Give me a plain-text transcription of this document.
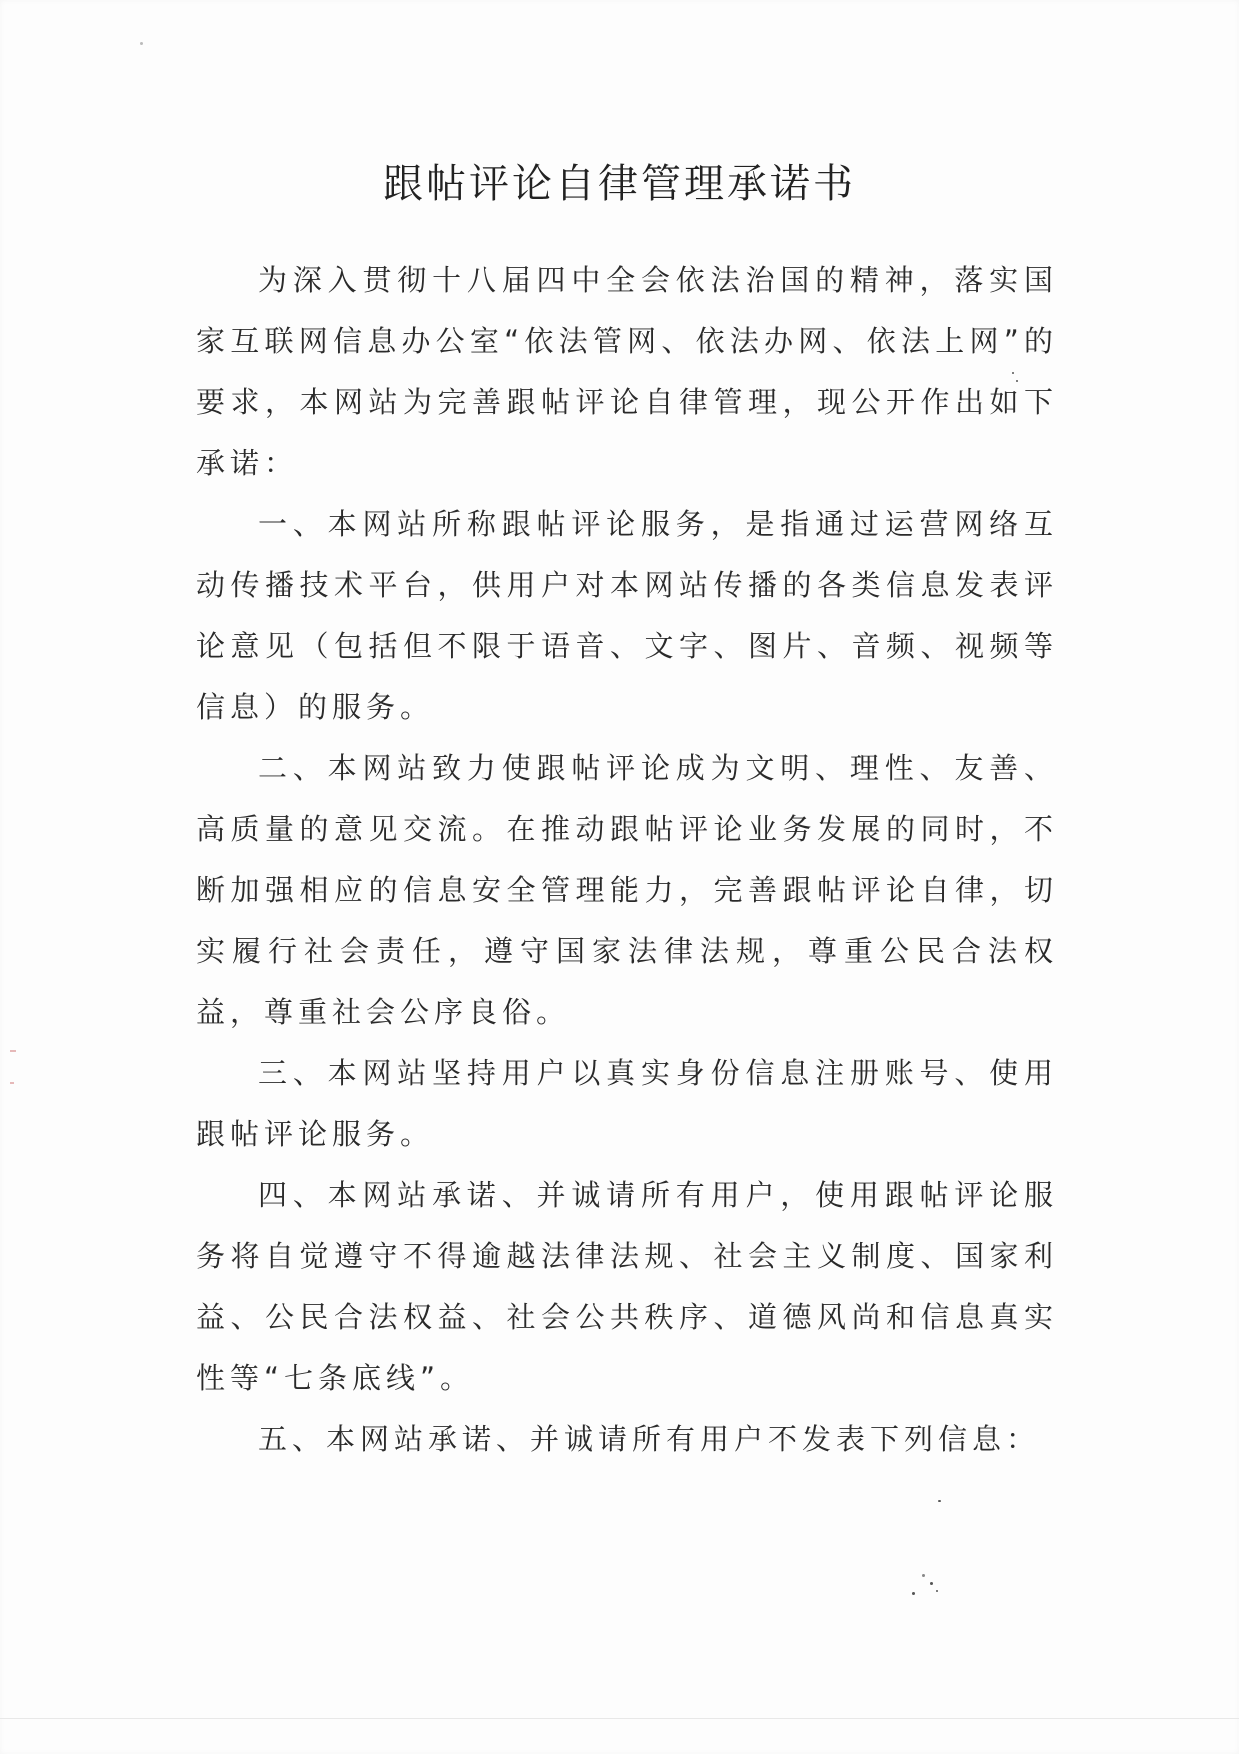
跟帖评论自律管理承诺书

为深入贯彻十八届四中全会依法治国的精神，落实国家互联网信息办公室“依法管网、依法办网、依法上网”的要求，本网站为完善跟帖评论自律管理，现公开作出如下承诺：

一、本网站所称跟帖评论服务，是指通过运营网络互动传播技术平台，供用户对本网站传播的各类信息发表评论意见（包括但不限于语音、文字、图片、音频、视频等信息）的服务。

二、本网站致力使跟帖评论成为文明、理性、友善、高质量的意见交流。在推动跟帖评论业务发展的同时，不断加强相应的信息安全管理能力，完善跟帖评论自律，切实履行社会责任，遵守国家法律法规，尊重公民合法权益，尊重社会公序良俗。

三、本网站坚持用户以真实身份信息注册账号、使用跟帖评论服务。

四、本网站承诺、并诚请所有用户，使用跟帖评论服务将自觉遵守不得逾越法律法规、社会主义制度、国家利益、公民合法权益、社会公共秩序、道德风尚和信息真实性等“七条底线”。

五、本网站承诺、并诚请所有用户不发表下列信息：
